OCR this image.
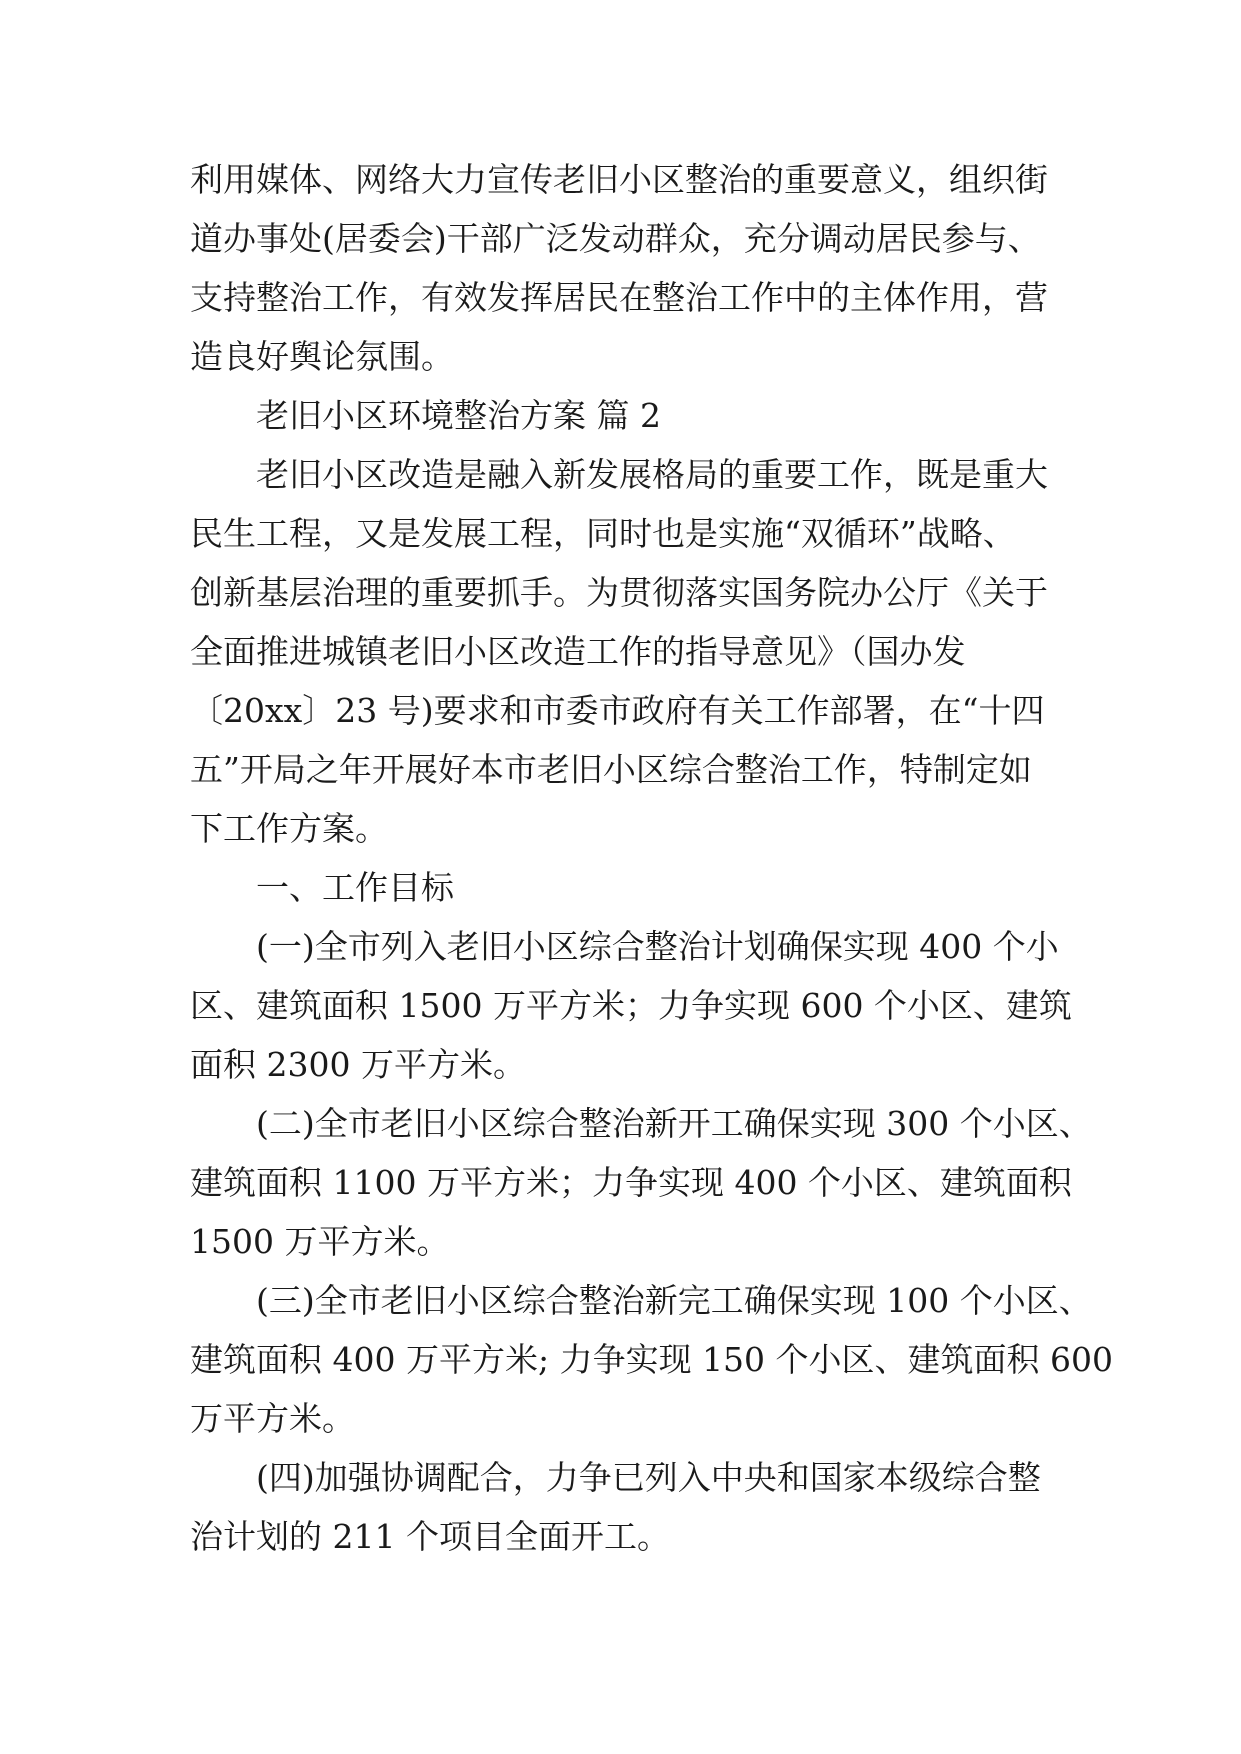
利用媒体、网络大力宣传老旧小区整治的重要意义，组织街
道办事处(居委会)干部广泛发动群众，充分调动居民参与、
支持整治工作，有效发挥居民在整治工作中的主体作用，营
造良好舆论氛围。
老旧小区环境整治方案 篇 2
老旧小区改造是融入新发展格局的重要工作，既是重大
民生工程，又是发展工程，同时也是实施“双循环”战略、
创新基层治理的重要抓手。为贯彻落实国务院办公厅《关于
全面推进城镇老旧小区改造工作的指导意见》（国办发
〔20xx〕23 号)要求和市委市政府有关工作部署，在“十四
五”开局之年开展好本市老旧小区综合整治工作，特制定如
下工作方案。
一、工作目标
(一)全市列入老旧小区综合整治计划确保实现 400 个小
区、建筑面积 1500 万平方米；力争实现 600 个小区、建筑
面积 2300 万平方米。
(二)全市老旧小区综合整治新开工确保实现 300 个小区、
建筑面积 1100 万平方米；力争实现 400 个小区、建筑面积
1500 万平方米。
(三)全市老旧小区综合整治新完工确保实现 100 个小区、
建筑面积 400 万平方米; 力争实现 150 个小区、建筑面积 600
万平方米。
(四)加强协调配合，力争已列入中央和国家本级综合整
治计划的 211 个项目全面开工。
